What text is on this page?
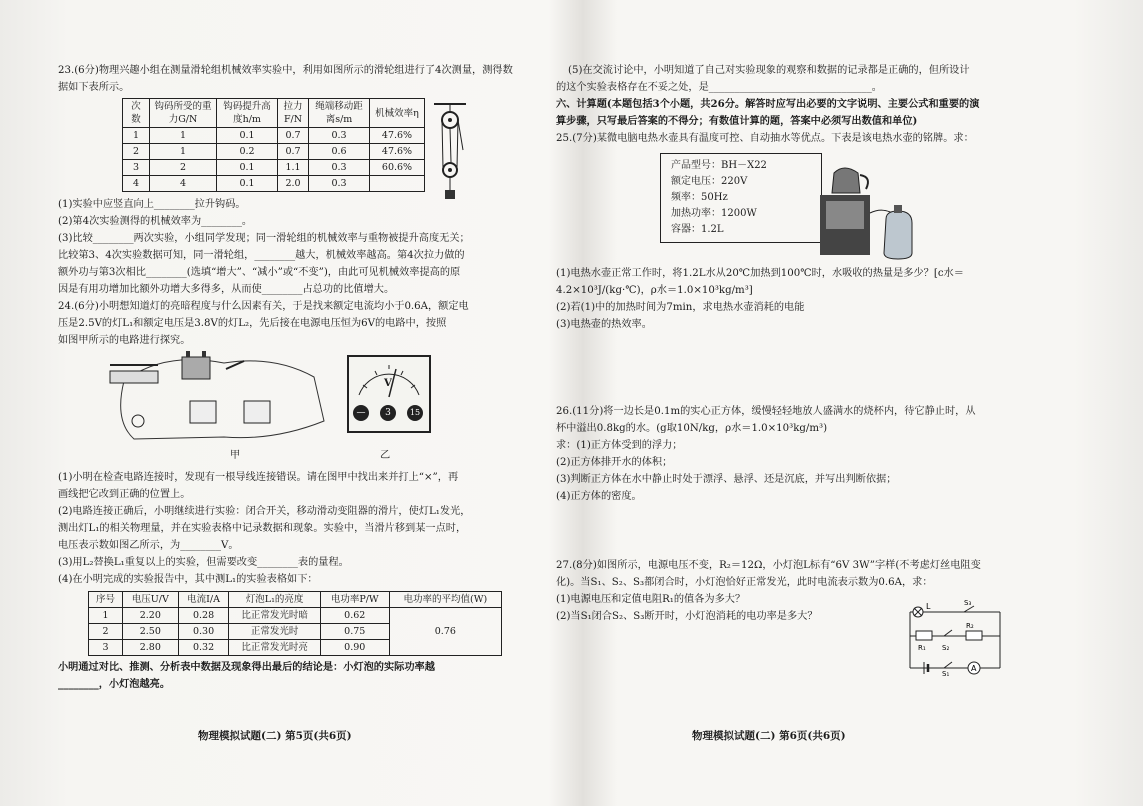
23.(6分)物理兴趣小组在测量滑轮组机械效率实验中，利用如图所示的滑轮组进行了4次测量，测得数据如下表所示。

次数	钩码所受的重力G/N	钩码提升高度h/m	拉力F/N	绳端移动距离s/m	机械效率η
1	1	0.1	0.7	0.3	47.6%
2	1	0.2	0.7	0.6	47.6%
3	2	0.1	1.1	0.3	60.6%
4	4	0.1	2.0	0.3	

(1)实验中应竖直向上________拉升钩码。

(2)第4次实验测得的机械效率为________。

(3)比较________两次实验，小组同学发现；同一滑轮组的机械效率与重物被提升高度无关；

比较第3、4次实验数据可知，同一滑轮组，________越大，机械效率越高。第4次拉力做的

额外功与第3次相比________(选填“增大”、“减小”或“不变”)，由此可见机械效率提高的原

因是有用功增加比额外功增大多得多，从而使________占总功的比值增大。

24.(6分)小明想知道灯的亮暗程度与什么因素有关，于是找来额定电流均小于0.6A，额定电

压是2.5V的灯L₁和额定电压是3.8V的灯L₂，先后接在电源电压恒为6V的电路中，按照

如图甲所示的电路进行探究。

甲
V
—	3	15
乙

(1)小明在检查电路连接时，发现有一根导线连接错误。请在图甲中找出来并打上“×”，再

画线把它改到正确的位置上。

(2)电路连接正确后，小明继续进行实验：闭合开关，移动滑动变阻器的滑片，使灯L₁发光，

测出灯L₁的相关物理量，并在实验表格中记录数据和现象。实验中，当滑片移到某一点时，

电压表示数如图乙所示，为________V。

(3)用L₂替换L₁重复以上的实验，但需要改变________表的量程。

(4)在小明完成的实验报告中，其中测L₁的实验表格如下：

序号	电压U/V	电流I/A	灯泡L₁的亮度	电功率P/W	电功率的平均值(W)
1	2.20	0.28	比正常发光时暗	0.62	0.76
2	2.50	0.30	正常发光时	0.75	
3	2.80	0.32	比正常发光时亮	0.90	

小明通过对比、推测、分析表中数据及现象得出最后的结论是：小灯泡的实际功率越

________，小灯泡越亮。

物理模拟试题(二) 第5页(共6页)

(5)在交流讨论中，小明知道了自己对实验现象的观察和数据的记录都是正确的，但所设计

的这个实验表格存在不妥之处，是________________________________。

六、计算题(本题包括3个小题，共26分。解答时应写出必要的文字说明、主要公式和重要的演

算步骤，只写最后答案的不得分；有数值计算的题，答案中必须写出数值和单位)

25.(7分)某微电脑电热水壶具有温度可控、自动抽水等优点。下表是该电热水壶的铭牌。求：

产品型号：BH－X22
额定电压：220V
频率：50Hz
加热功率：1200W
容器：1.2L

(1)电热水壶正常工作时，将1.2L水从20℃加热到100℃时，水吸收的热量是多少？[c水＝

4.2×10³J/(kg·℃)，ρ水＝1.0×10³kg/m³]

(2)若(1)中的加热时间为7min，求电热水壶消耗的电能

(3)电热壶的热效率。

26.(11分)将一边长是0.1m的实心正方体，缓慢轻轻地放人盛满水的烧杯内，待它静止时，从

杯中溢出0.8kg的水。(g取10N/kg，ρ水＝1.0×10³kg/m³)

求：(1)正方体受到的浮力；

(2)正方体排开水的体积；

(3)判断正方体在水中静止时处于漂浮、悬浮、还是沉底，并写出判断依据；

(4)正方体的密度。

27.(8分)如图所示，电源电压不变，R₂＝12Ω，小灯泡L标有“6V 3W”字样(不考虑灯丝电阻变

化)。当S₁、S₂、S₃都闭合时，小灯泡恰好正常发光，此时电流表示数为0.6A，求：

(1)电源电压和定值电阻R₁的值各为多大？

(2)当S₁闭合S₂、S₃断开时，小灯泡消耗的电功率是多大？

L	S₃
R₁ S₂
R₂
S₁
A
物理模拟试题(二) 第6页(共6页)
